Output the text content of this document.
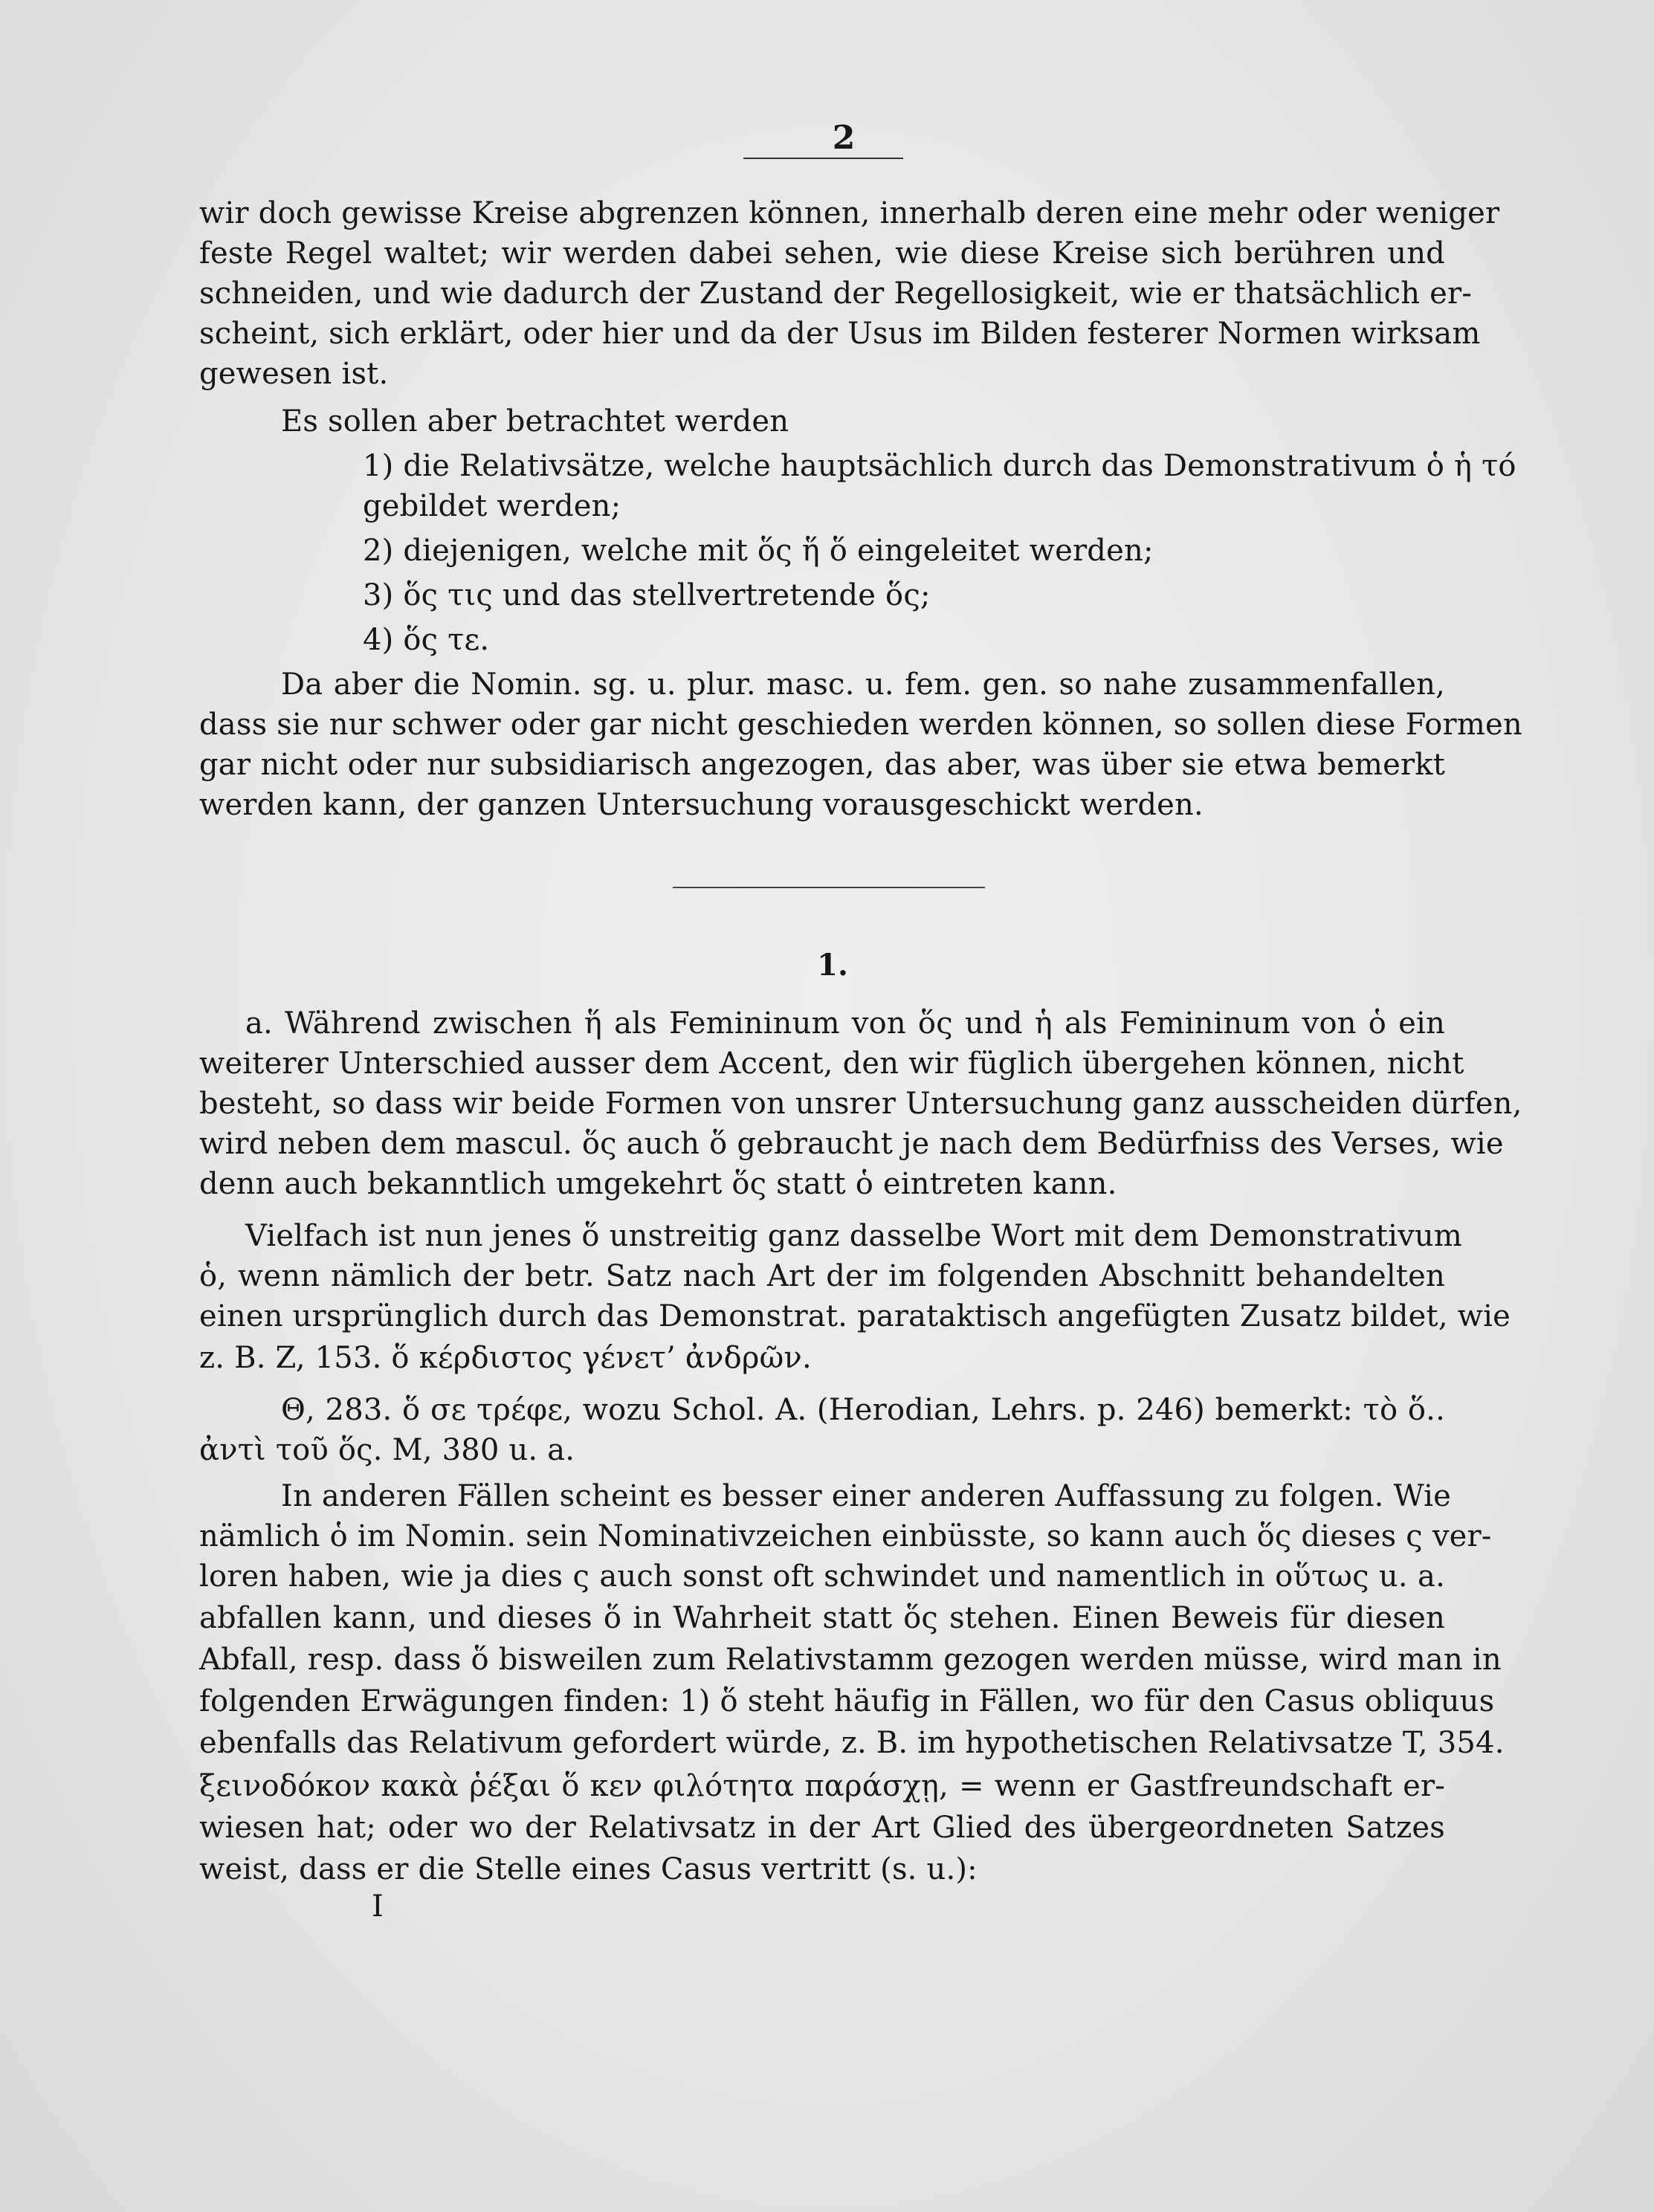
2
wir doch gewisse Kreise abgrenzen können, innerhalb deren eine mehr oder weniger
feste Regel waltet; wir werden dabei sehen, wie diese Kreise sich berühren und
schneiden, und wie dadurch der Zustand der Regellosigkeit, wie er thatsächlich er-
scheint, sich erklärt, oder hier und da der Usus im Bilden festerer Normen wirksam
gewesen ist.
Es sollen aber betrachtet werden
1) die Relativsätze, welche hauptsächlich durch das Demonstrativum ὁ ἡ τό
gebildet werden;
2) diejenigen, welche mit ὅς ἥ ὅ eingeleitet werden;
3) ὅς τις und das stellvertretende ὅς;
4) ὅς τε.
Da aber die Nomin. sg. u. plur. masc. u. fem. gen. so nahe zusammenfallen,
dass sie nur schwer oder gar nicht geschieden werden können, so sollen diese Formen
gar nicht oder nur subsidiarisch angezogen, das aber, was über sie etwa bemerkt
werden kann, der ganzen Untersuchung vorausgeschickt werden.
1.
a. Während zwischen ἥ als Femininum von ὅς und ἡ als Femininum von ὁ ein
weiterer Unterschied ausser dem Accent, den wir füglich übergehen können, nicht
besteht, so dass wir beide Formen von unsrer Untersuchung ganz ausscheiden dürfen,
wird neben dem mascul. ὅς auch ὅ gebraucht je nach dem Bedürfniss des Verses, wie
denn auch bekanntlich umgekehrt ὅς statt ὁ eintreten kann.
Vielfach ist nun jenes ὅ unstreitig ganz dasselbe Wort mit dem Demonstrativum
ὁ, wenn nämlich der betr. Satz nach Art der im folgenden Abschnitt behandelten
einen ursprünglich durch das Demonstrat. parataktisch angefügten Zusatz bildet, wie
z. B. Z, 153. ὅ κέρδιστος γένετ’ ἀνδρῶν.
Θ, 283. ὅ σε τρέφε, wozu Schol. A. (Herodian, Lehrs. p. 246) bemerkt: τὸ ὅ..
ἀντὶ τοῦ ὅς. M, 380 u. a.
In anderen Fällen scheint es besser einer anderen Auffassung zu folgen. Wie
nämlich ὁ im Nomin. sein Nominativzeichen einbüsste, so kann auch ὅς dieses ς ver-
loren haben, wie ja dies ς auch sonst oft schwindet und namentlich in οὕτως u. a.
abfallen kann, und dieses ὅ in Wahrheit statt ὅς stehen. Einen Beweis für diesen
Abfall, resp. dass ὅ bisweilen zum Relativstamm gezogen werden müsse, wird man in
folgenden Erwägungen finden: 1) ὅ steht häufig in Fällen, wo für den Casus obliquus
ebenfalls das Relativum gefordert würde, z. B. im hypothetischen Relativsatze T, 354.
ξεινοδόκον κακὰ ῥέξαι ὅ κεν φιλότητα παράσχῃ, = wenn er Gastfreundschaft er-
wiesen hat; oder wo der Relativsatz in der Art Glied des übergeordneten Satzes
weist, dass er die Stelle eines Casus vertritt (s. u.):
I
